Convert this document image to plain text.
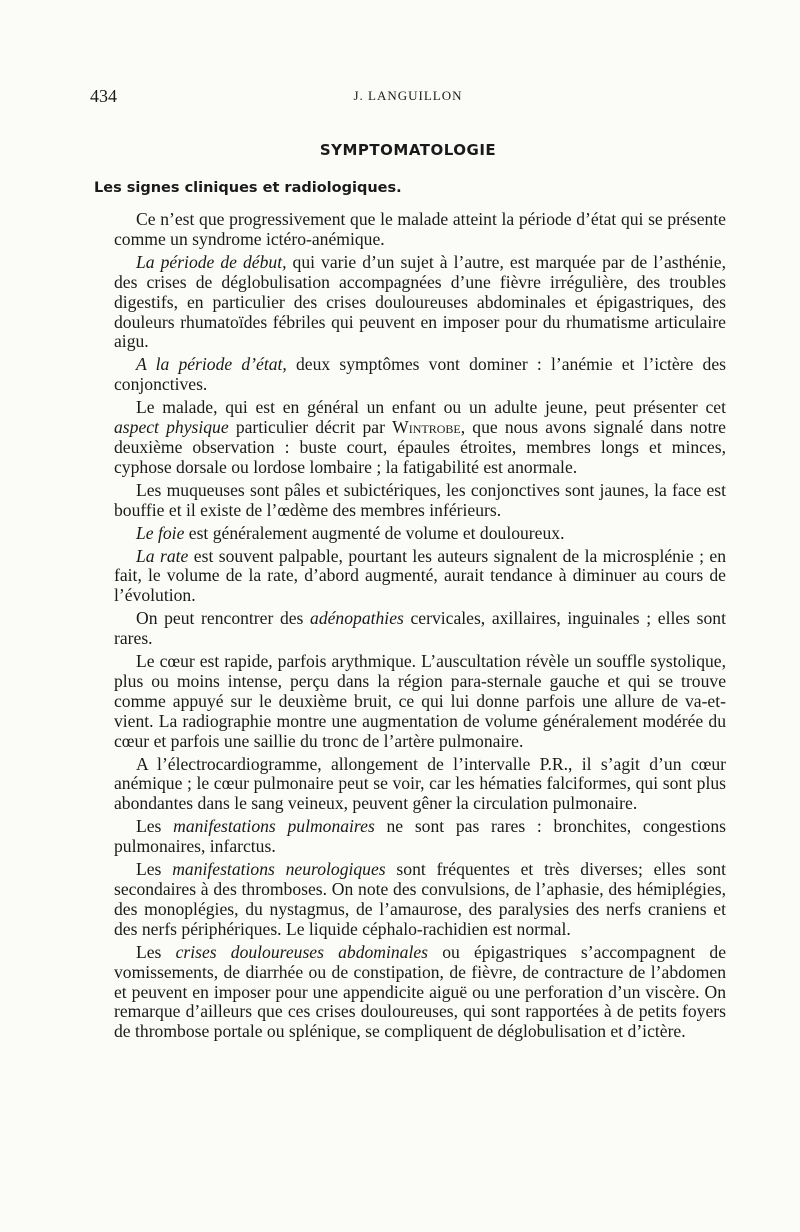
434	J. LANGUILLON
SYMPTOMATOLOGIE
Les signes cliniques et radiologiques.

Ce n’est que progressivement que le malade atteint la période d’état qui se présente comme un syndrome ictéro-anémique.

La période de début, qui varie d’un sujet à l’autre, est marquée par de l’asthénie, des crises de déglobulisation accompagnées d’une fièvre irrégulière, des troubles digestifs, en particulier des crises douloureuses abdominales et épigastriques, des douleurs rhumatoïdes fébriles qui peuvent en imposer pour du rhumatisme articulaire aigu.

A la période d’état, deux symptômes vont dominer : l’anémie et l’ictère des conjonctives.

Le malade, qui est en général un enfant ou un adulte jeune, peut présenter cet aspect physique particulier décrit par Wintrobe, que nous avons signalé dans notre deuxième observation : buste court, épaules étroites, membres longs et minces, cyphose dorsale ou lordose lombaire ; la fatigabilité est anormale.

Les muqueuses sont pâles et subictériques, les conjonctives sont jaunes, la face est bouffie et il existe de l’œdème des membres inférieurs.

Le foie est généralement augmenté de volume et douloureux.

La rate est souvent palpable, pourtant les auteurs signalent de la microsplénie ; en fait, le volume de la rate, d’abord augmenté, aurait tendance à diminuer au cours de l’évolution.

On peut rencontrer des adénopathies cervicales, axillaires, inguinales ; elles sont rares.

Le cœur est rapide, parfois arythmique. L’auscultation révèle un souffle systolique, plus ou moins intense, perçu dans la région para-sternale gauche et qui se trouve comme appuyé sur le deuxième bruit, ce qui lui donne parfois une allure de va-et-vient. La radiographie montre une augmentation de volume généralement modérée du cœur et parfois une saillie du tronc de l’artère pulmonaire.

A l’électrocardiogramme, allongement de l’intervalle P.R., il s’agit d’un cœur anémique ; le cœur pulmonaire peut se voir, car les hématies falciformes, qui sont plus abondantes dans le sang veineux, peuvent gêner la circulation pulmonaire.

Les manifestations pulmonaires ne sont pas rares : bronchites, congestions pulmonaires, infarctus.

Les manifestations neurologiques sont fréquentes et très diverses; elles sont secondaires à des thromboses. On note des convulsions, de l’aphasie, des hémiplégies, des monoplégies, du nystagmus, de l’amaurose, des paralysies des nerfs craniens et des nerfs périphériques. Le liquide céphalo-rachidien est normal.

Les crises douloureuses abdominales ou épigastriques s’accompagnent de vomissements, de diarrhée ou de constipation, de fièvre, de contracture de l’abdomen et peuvent en imposer pour une appendicite aiguë ou une perforation d’un viscère. On remarque d’ailleurs que ces crises douloureuses, qui sont rapportées à de petits foyers de thrombose portale ou splénique, se compliquent de déglobulisation et d’ictère.
